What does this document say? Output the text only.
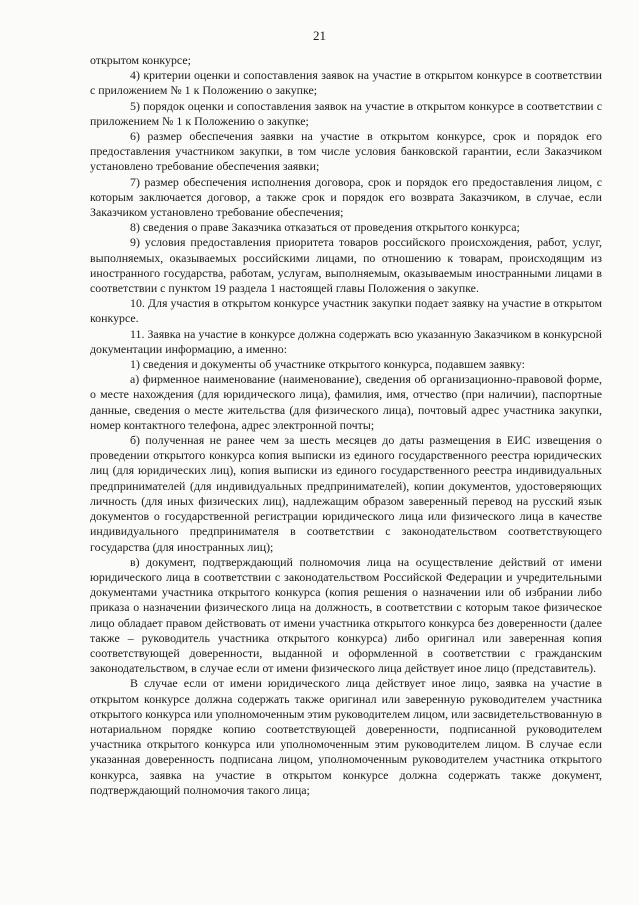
21

открытом конкурсе;

4) критерии оценки и сопоставления заявок на участие в открытом конкурсе в соответствии с приложением № 1 к Положению о закупке;

5) порядок оценки и сопоставления заявок на участие в открытом конкурсе в соответствии с приложением № 1 к Положению о закупке;

6) размер обеспечения заявки на участие в открытом конкурсе, срок и порядок его предоставления участником закупки, в том числе условия банковской гарантии, если Заказчиком установлено требование обеспечения заявки;

7) размер обеспечения исполнения договора, срок и порядок его предоставления лицом, с которым заключается договор, а также срок и порядок его возврата Заказчиком, в случае, если Заказчиком установлено требование обеспечения;

8) сведения о праве Заказчика отказаться от проведения открытого конкурса;

9) условия предоставления приоритета товаров российского происхождения, работ, услуг, выполняемых, оказываемых российскими лицами, по отношению к товарам, происходящим из иностранного государства, работам, услугам, выполняемым, оказываемым иностранными лицами в соответствии с пунктом 19 раздела 1 настоящей главы Положения о закупке.

10. Для участия в открытом конкурсе участник закупки подает заявку на участие в открытом конкурсе.

11. Заявка на участие в конкурсе должна содержать всю указанную Заказчиком в конкурсной документации информацию, а именно:

1) сведения и документы об участнике открытого конкурса, подавшем заявку:

а) фирменное наименование (наименование), сведения об организационно-правовой форме, о месте нахождения (для юридического лица), фамилия, имя, отчество (при наличии), паспортные данные, сведения о месте жительства (для физического лица), почтовый адрес участника закупки, номер контактного телефона, адрес электронной почты;

б) полученная не ранее чем за шесть месяцев до даты размещения в ЕИС извещения о проведении открытого конкурса копия выписки из единого государственного реестра юридических лиц (для юридических лиц), копия выписки из единого государственного реестра индивидуальных предпринимателей (для индивидуальных предпринимателей), копии документов, удостоверяющих личность (для иных физических лиц), надлежащим образом заверенный перевод на русский язык документов о государственной регистрации юридического лица или физического лица в качестве индивидуального предпринимателя в соответствии с законодательством соответствующего государства (для иностранных лиц);

в) документ, подтверждающий полномочия лица на осуществление действий от имени юридического лица в соответствии с законодательством Российской Федерации и учредительными документами участника открытого конкурса (копия решения о назначении или об избрании либо приказа о назначении физического лица на должность, в соответствии с которым такое физическое лицо обладает правом действовать от имени участника открытого конкурса без доверенности (далее также – руководитель участника открытого конкурса) либо оригинал или заверенная копия соответствующей доверенности, выданной и оформленной в соответствии с гражданским законодательством, в случае если от имени физического лица действует иное лицо (представитель).

В случае если от имени юридического лица действует иное лицо, заявка на участие в открытом конкурсе должна содержать также оригинал или заверенную руководителем участника открытого конкурса или уполномоченным этим руководителем лицом, или засвидетельствованную в нотариальном порядке копию соответствующей доверенности, подписанной руководителем участника открытого конкурса или уполномоченным этим руководителем лицом. В случае если указанная доверенность подписана лицом, уполномоченным руководителем участника открытого конкурса, заявка на участие в открытом конкурсе должна содержать также документ, подтверждающий полномочия такого лица;
